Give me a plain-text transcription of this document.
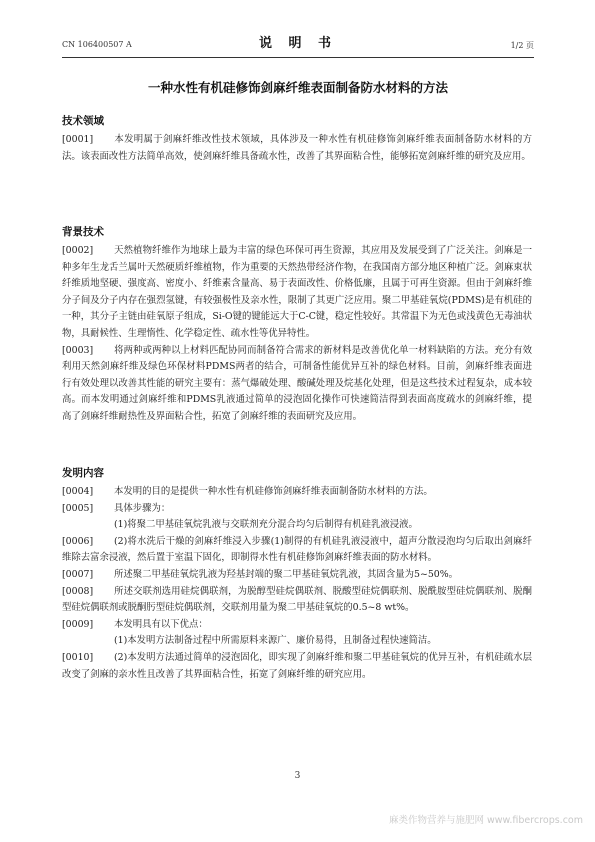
CN 106400507 A	说 明 书	1/2 页
一种水性有机硅修饰剑麻纤维表面制备防水材料的方法
技术领域

[0001] 本发明属于剑麻纤维改性技术领域，具体涉及一种水性有机硅修饰剑麻纤维表面制备防水材料的方法。该表面改性方法简单高效，使剑麻纤维具备疏水性，改善了其界面粘合性，能够拓宽剑麻纤维的研究及应用。

背景技术

[0002] 天然植物纤维作为地球上最为丰富的绿色环保可再生资源，其应用及发展受到了广泛关注。剑麻是一种多年生龙舌兰属叶天然硬质纤维植物，作为重要的天然热带经济作物，在我国南方部分地区种植广泛。剑麻束状纤维质地坚硬、强度高、密度小、纤维素含量高、易于表面改性、价格低廉，且属于可再生资源。但由于剑麻纤维分子间及分子内存在强烈氢键，有较强极性及亲水性，限制了其更广泛应用。聚二甲基硅氧烷(PDMS)是有机硅的一种，其分子主链由硅氧原子组成，Si-O键的键能远大于C-C键，稳定性较好。其常温下为无色或浅黄色无毒油状物，具耐候性、生理惰性、化学稳定性、疏水性等优异特性。

[0003] 将两种或两种以上材料匹配协同而制备符合需求的新材料是改善优化单一材料缺陷的方法。充分有效利用天然剑麻纤维及绿色环保材料PDMS两者的结合，可制备性能优异互补的绿色材料。目前，剑麻纤维表面进行有效处理以改善其性能的研究主要有：蒸气爆破处理、酸碱处理及烷基化处理，但是这些技术过程复杂，成本较高。而本发明通过剑麻纤维和PDMS乳液通过简单的浸泡固化操作可快速简洁得到表面高度疏水的剑麻纤维，提高了剑麻纤维耐热性及界面粘合性，拓宽了剑麻纤维的表面研究及应用。

发明内容

[0004] 本发明的目的是提供一种水性有机硅修饰剑麻纤维表面制备防水材料的方法。

[0005] 具体步骤为：

(1)将聚二甲基硅氧烷乳液与交联剂充分混合均匀后制得有机硅乳液浸液。

[0006] (2)将水洗后干燥的剑麻纤维浸入步骤(1)制得的有机硅乳液浸液中，超声分散浸泡均匀后取出剑麻纤维除去富余浸液，然后置于室温下固化，即制得水性有机硅修饰剑麻纤维表面的防水材料。

[0007] 所述聚二甲基硅氧烷乳液为羟基封端的聚二甲基硅氧烷乳液，其固含量为5~50%。

[0008] 所述交联剂选用硅烷偶联剂，为脱醇型硅烷偶联剂、脱酸型硅烷偶联剂、脱酰胺型硅烷偶联剂、脱酮型硅烷偶联剂或脱酮肟型硅烷偶联剂，交联剂用量为聚二甲基硅氧烷的0.5~8 wt%。

[0009] 本发明具有以下优点：

(1)本发明方法制备过程中所需原料来源广、廉价易得，且制备过程快速简洁。

[0010] (2)本发明方法通过简单的浸泡固化，即实现了剑麻纤维和聚二甲基硅氧烷的优异互补，有机硅疏水层改变了剑麻的亲水性且改善了其界面粘合性，拓宽了剑麻纤维的研究应用。

3
麻类作物营养与施肥网 www.fibercrops.com
